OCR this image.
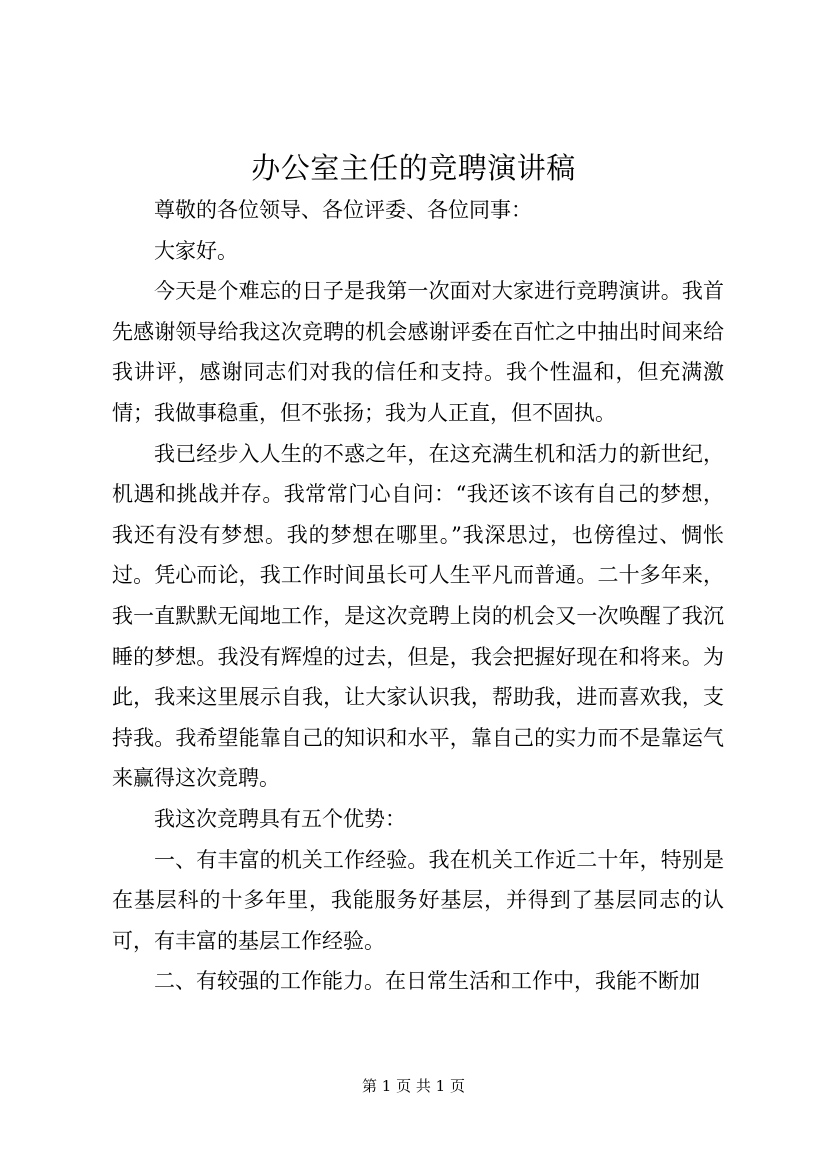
办公室主任的竞聘演讲稿

尊敬的各位领导、各位评委、各位同事：

大家好。

今天是个难忘的日子是我第一次面对大家进行竞聘演讲。我首先感谢领导给我这次竞聘的机会感谢评委在百忙之中抽出时间来给我讲评，感谢同志们对我的信任和支持。我个性温和，但充满激情；我做事稳重，但不张扬；我为人正直，但不固执。

我已经步入人生的不惑之年，在这充满生机和活力的新世纪，机遇和挑战并存。我常常门心自问：“我还该不该有自己的梦想，我还有没有梦想。我的梦想在哪里。”我深思过，也傍徨过、惆怅过。凭心而论，我工作时间虽长可人生平凡而普通。二十多年来，我一直默默无闻地工作，是这次竞聘上岗的机会又一次唤醒了我沉睡的梦想。我没有辉煌的过去，但是，我会把握好现在和将来。为此，我来这里展示自我，让大家认识我，帮助我，进而喜欢我，支持我。我希望能靠自己的知识和水平，靠自己的实力而不是靠运气来赢得这次竞聘。

我这次竞聘具有五个优势：

一、有丰富的机关工作经验。我在机关工作近二十年，特别是在基层科的十多年里，我能服务好基层，并得到了基层同志的认可，有丰富的基层工作经验。

二、有较强的工作能力。在日常生活和工作中，我能不断加

第 1 页 共 1 页
